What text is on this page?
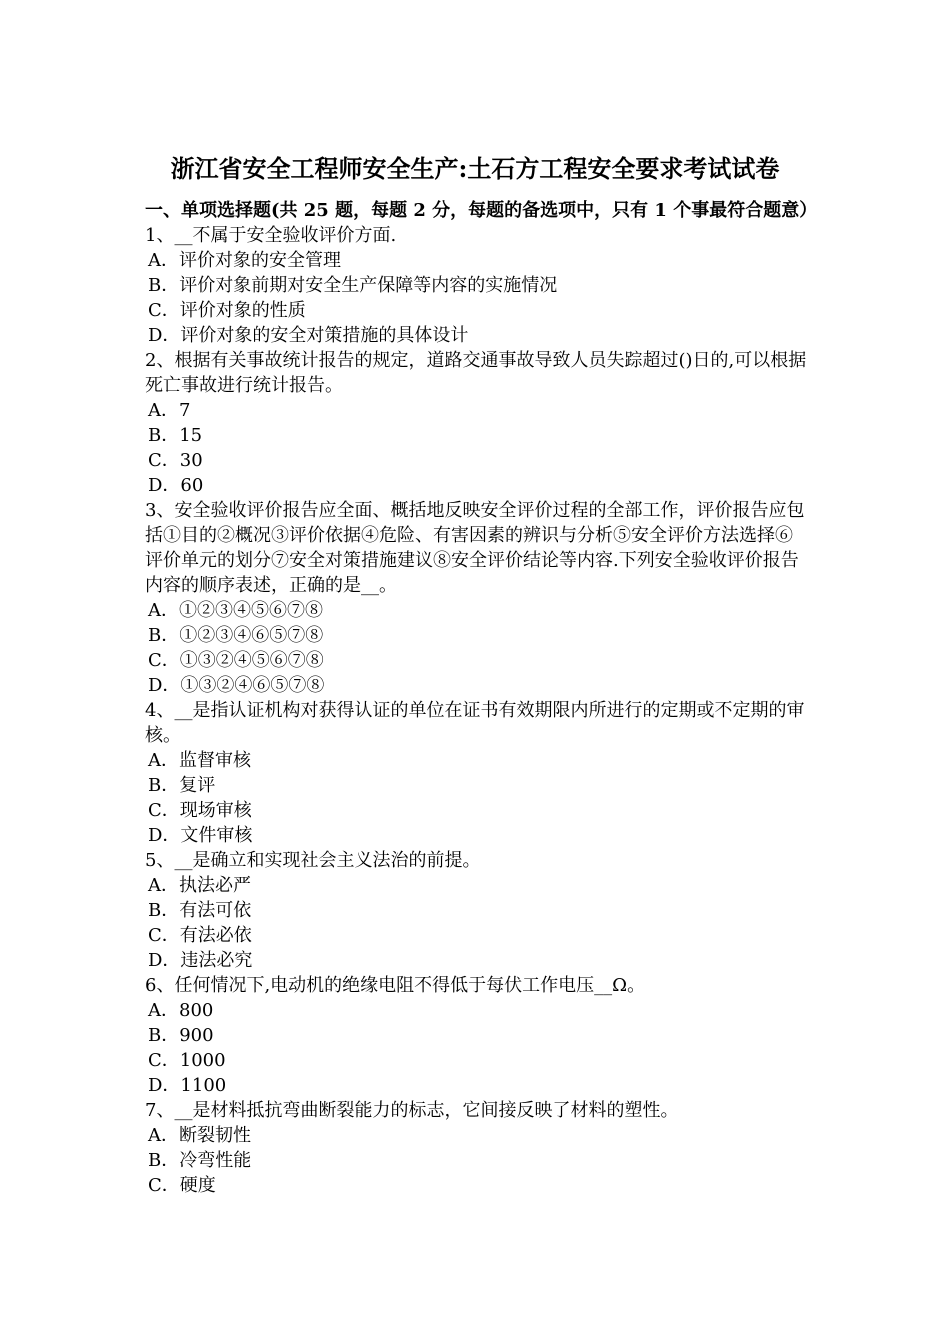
浙江省安全工程师安全生产:土石方工程安全要求考试试卷
一、单项选择题(共 25 题，每题 2 分，每题的备选项中，只有 1 个事最符合题意）
1、__不属于安全验收评价方面.
A．评价对象的安全管理
B．评价对象前期对安全生产保障等内容的实施情况
C．评价对象的性质
D．评价对象的安全对策措施的具体设计
2、根据有关事故统计报告的规定，道路交通事故导致人员失踪超过()日的,可以根据死亡事故进行统计报告。
A．7
B．15
C．30
D．60
3、安全验收评价报告应全面、概括地反映安全评价过程的全部工作，评价报告应包括①目的②概况③评价依据④危险、有害因素的辨识与分析⑤安全评价方法选择⑥评价单元的划分⑦安全对策措施建议⑧安全评价结论等内容.下列安全验收评价报告内容的顺序表述，正确的是__。
A．①②③④⑤⑥⑦⑧
B．①②③④⑥⑤⑦⑧
C．①③②④⑤⑥⑦⑧
D．①③②④⑥⑤⑦⑧
4、__是指认证机构对获得认证的单位在证书有效期限内所进行的定期或不定期的审核。
A．监督审核
B．复评
C．现场审核
D．文件审核
5、__是确立和实现社会主义法治的前提。
A．执法必严
B．有法可依
C．有法必依
D．违法必究
6、任何情况下,电动机的绝缘电阻不得低于每伏工作电压__Ω。
A．800
B．900
C．1000
D．1100
7、__是材料抵抗弯曲断裂能力的标志，它间接反映了材料的塑性。
A．断裂韧性
B．冷弯性能
C．硬度
